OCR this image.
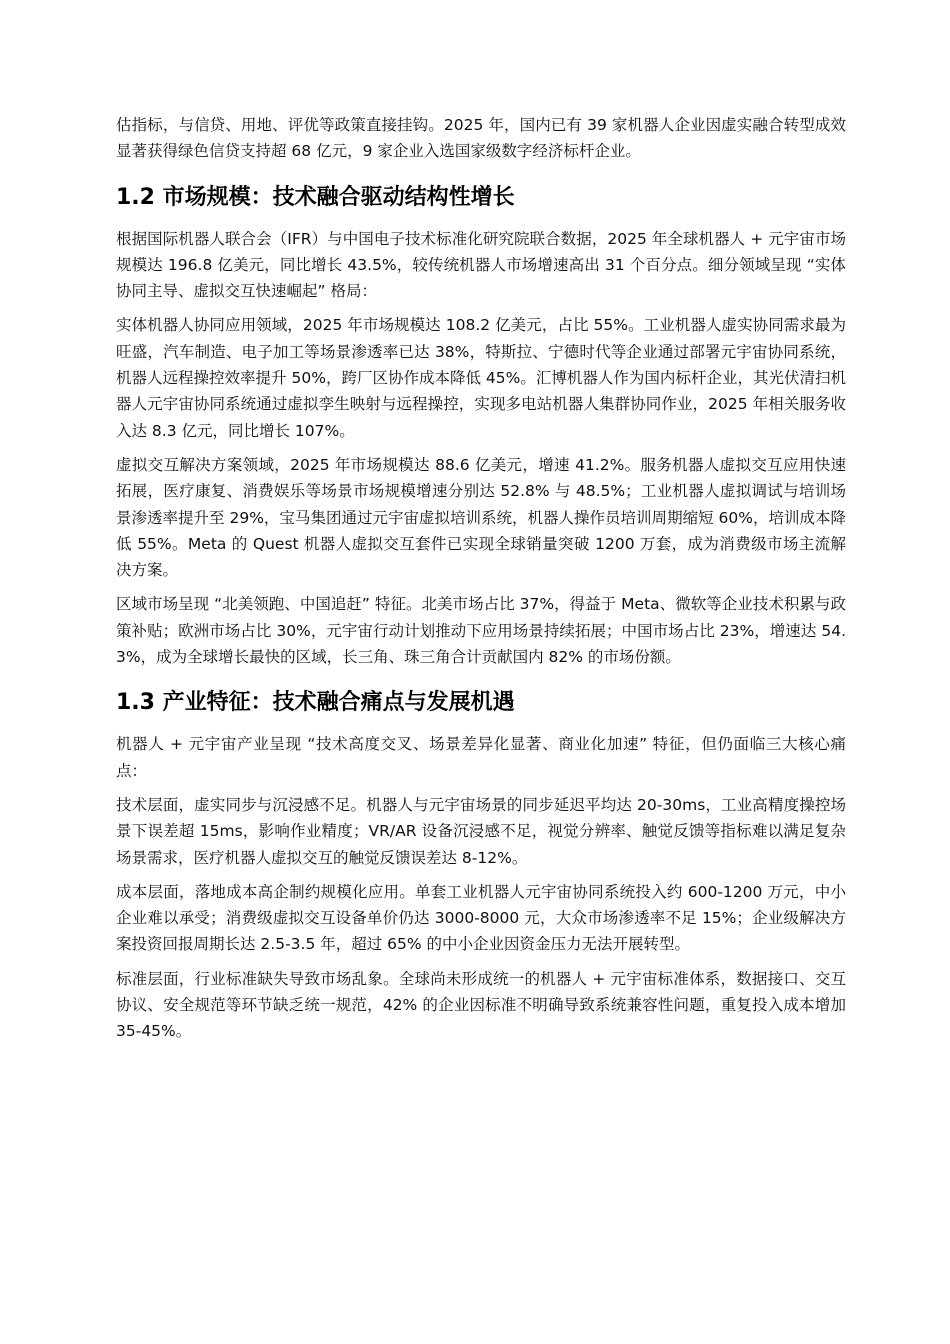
估指标，与信贷、用地、评优等政策直接挂钩。2025 年，国内已有 39 家机器人企业因虚实融合转型成效显著获得绿色信贷支持超 68 亿元，9 家企业入选国家级数字经济标杆企业。

1.2 市场规模：技术融合驱动结构性增长

根据国际机器人联合会（IFR）与中国电子技术标准化研究院联合数据，2025 年全球机器人 + 元宇宙市场规模达 196.8 亿美元，同比增长 43.5%，较传统机器人市场增速高出 31 个百分点。细分领域呈现 “实体协同主导、虚拟交互快速崛起” 格局：

实体机器人协同应用领域，2025 年市场规模达 108.2 亿美元，占比 55%。工业机器人虚实协同需求最为旺盛，汽车制造、电子加工等场景渗透率已达 38%，特斯拉、宁德时代等企业通过部署元宇宙协同系统，机器人远程操控效率提升 50%，跨厂区协作成本降低 45%。汇博机器人作为国内标杆企业，其光伏清扫机器人元宇宙协同系统通过虚拟孪生映射与远程操控，实现多电站机器人集群协同作业，2025 年相关服务收入达 8.3 亿元，同比增长 107%。

虚拟交互解决方案领域，2025 年市场规模达 88.6 亿美元，增速 41.2%。服务机器人虚拟交互应用快速拓展，医疗康复、消费娱乐等场景市场规模增速分别达 52.8% 与 48.5%；工业机器人虚拟调试与培训场景渗透率提升至 29%，宝马集团通过元宇宙虚拟培训系统，机器人操作员培训周期缩短 60%，培训成本降低 55%。Meta 的 Quest 机器人虚拟交互套件已实现全球销量突破 1200 万套，成为消费级市场主流解决方案。

区域市场呈现 “北美领跑、中国追赶” 特征。北美市场占比 37%，得益于 Meta、微软等企业技术积累与政策补贴；欧洲市场占比 30%，元宇宙行动计划推动下应用场景持续拓展；中国市场占比 23%，增速达 54.3%，成为全球增长最快的区域，长三角、珠三角合计贡献国内 82% 的市场份额。

1.3 产业特征：技术融合痛点与发展机遇

机器人 + 元宇宙产业呈现 “技术高度交叉、场景差异化显著、商业化加速” 特征，但仍面临三大核心痛点：

技术层面，虚实同步与沉浸感不足。机器人与元宇宙场景的同步延迟平均达 20-30ms，工业高精度操控场景下误差超 15ms，影响作业精度；VR/AR 设备沉浸感不足，视觉分辨率、触觉反馈等指标难以满足复杂场景需求，医疗机器人虚拟交互的触觉反馈误差达 8-12%。

成本层面，落地成本高企制约规模化应用。单套工业机器人元宇宙协同系统投入约 600-1200 万元，中小企业难以承受；消费级虚拟交互设备单价仍达 3000-8000 元，大众市场渗透率不足 15%；企业级解决方案投资回报周期长达 2.5-3.5 年，超过 65% 的中小企业因资金压力无法开展转型。

标准层面，行业标准缺失导致市场乱象。全球尚未形成统一的机器人 + 元宇宙标准体系，数据接口、交互协议、安全规范等环节缺乏统一规范，42% 的企业因标准不明确导致系统兼容性问题，重复投入成本增加 35-45%。
